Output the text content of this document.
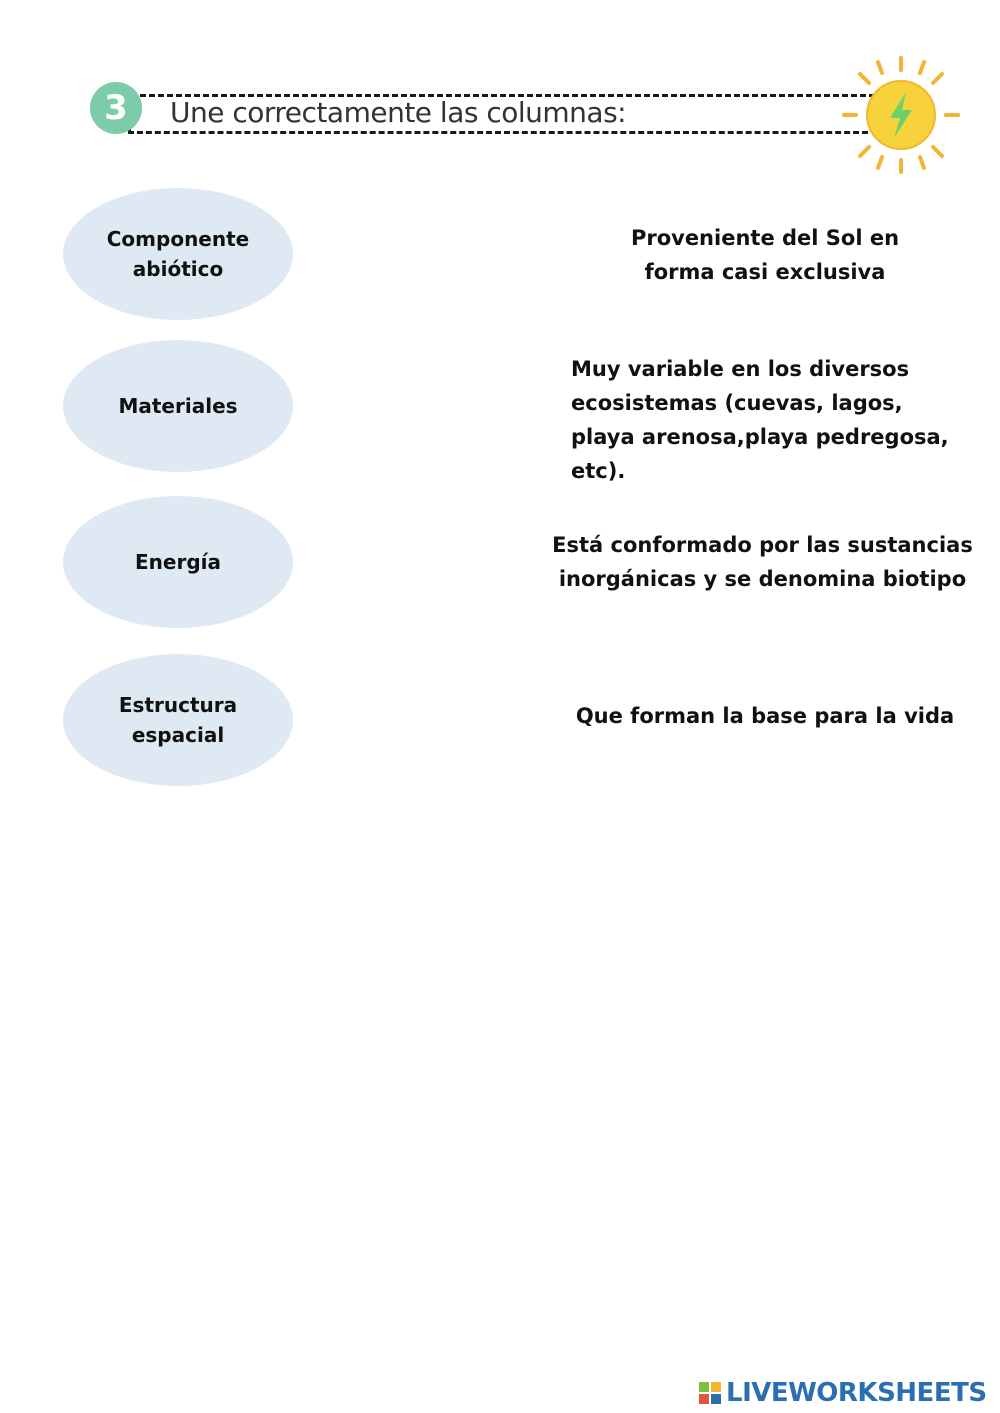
3	Une correctamente las columnas:
Componente abiótico
Materiales
Energía
Estructura espacial
Proveniente del Sol en
forma casi exclusiva
Muy variable en los diversos
ecosistemas (cuevas, lagos,
playa arenosa,playa pedregosa,
etc).
Está conformado por las sustancias
inorgánicas y se denomina biotipo
Que forman la base para la vida
LIVEWORKSHEETS
